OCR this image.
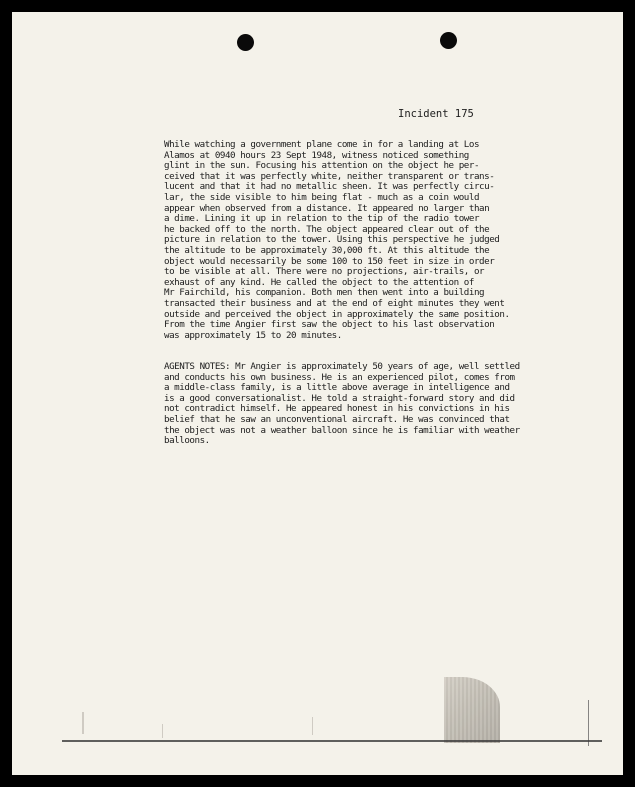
Incident 175
While watching a government plane come in for a landing at Los
Alamos at 0940 hours 23 Sept 1948, witness noticed something
glint in the sun. Focusing his attention on the object he per-
ceived that it was perfectly white, neither transparent or trans-
lucent and that it had no metallic sheen. It was perfectly circu-
lar, the side visible to him being flat - much as a coin would
appear when observed from a distance. It appeared no larger than
a dime. Lining it up in relation to the tip of the radio tower
he backed off to the north. The object appeared clear out of the
picture in relation to the tower. Using this perspective he judged
the altitude to be approximately 30,000 ft. At this altitude the
object would necessarily be some 100 to 150 feet in size in order
to be visible at all. There were no projections, air-trails, or
exhaust of any kind. He called the object to the attention of
Mr Fairchild, his companion. Both men then went into a building
transacted their business and at the end of eight minutes they went
outside and perceived the object in approximately the same position.
From the time Angier first saw the object to his last observation
was approximately 15 to 20 minutes.
AGENTS NOTES: Mr Angier is approximately 50 years of age, well settled
and conducts his own business. He is an experienced pilot, comes from
a middle-class family, is a little above average in intelligence and
is a good conversationalist. He told a straight-forward story and did
not contradict himself. He appeared honest in his convictions in his
belief that he saw an unconventional aircraft. He was convinced that
the object was not a weather balloon since he is familiar with weather
balloons.
